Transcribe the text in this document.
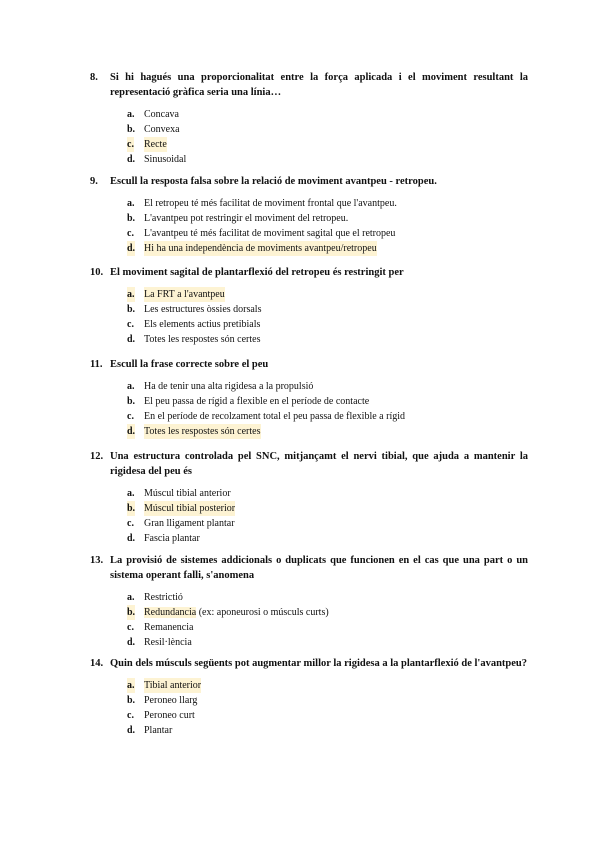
8. Si hi hagués una proporcionalitat entre la força aplicada i el moviment resultant la representació gràfica seria una línia…
a. Concava
b. Convexa
c. Recte
d. Sinusoidal
9. Escull la resposta falsa sobre la relació de moviment avantpeu - retropeu.
a. El retropeu té més facilitat de moviment frontal que l'avantpeu.
b. L'avantpeu pot restringir el moviment del retropeu.
c. L'avantpeu té més facilitat de moviment sagital que el retropeu
d. Hi ha una independència de moviments avantpeu/retropeu
10. El moviment sagital de plantarflexió del retropeu és restringit per
a. La FRT a l'avantpeu
b. Les estructures òssies dorsals
c. Els elements actius pretibials
d. Totes les respostes són certes
11. Escull la frase correcte sobre el peu
a. Ha de tenir una alta rigidesa a la propulsió
b. El peu passa de rígid a flexible en el període de contacte
c. En el període de recolzament total el peu passa de flexible a rígid
d. Totes les respostes són certes
12. Una estructura controlada pel SNC, mitjançamt el nervi tibial, que ajuda a mantenir la rigidesa del peu és
a. Múscul tibial anterior
b. Múscul tibial posterior
c. Gran lligament plantar
d. Fascia plantar
13. La provisió de sistemes addicionals o duplicats que funcionen en el cas que una part o un sistema operant falli, s'anomena
a. Restrictió
b. Redundancia (ex: aponeurosi o músculs curts)
c. Remanencia
d. Resil·lència
14. Quin dels músculs següents pot augmentar millor la rigidesa a la plantarflexió de l'avantpeu?
a. Tibial anterior
b. Peroneo llarg
c. Peroneo curt
d. Plantar
